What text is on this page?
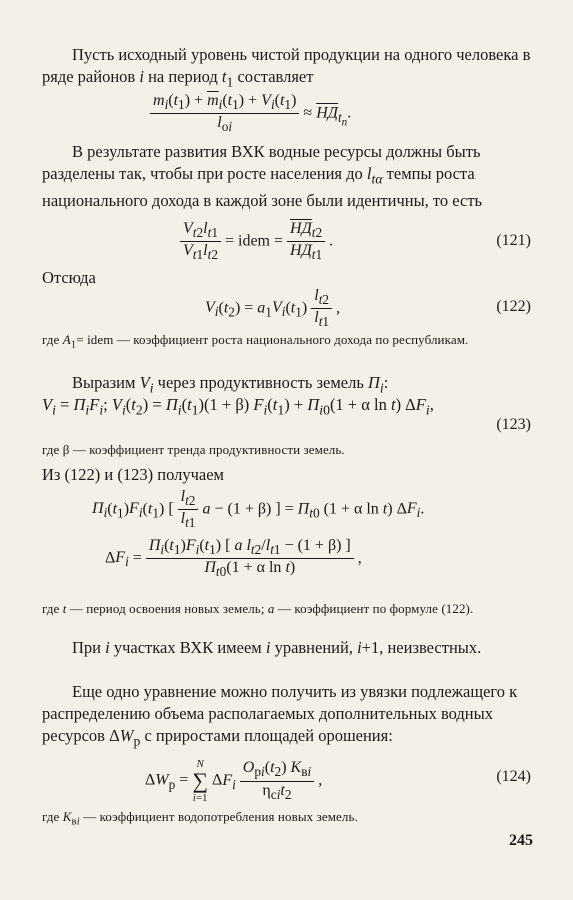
Пусть исходный уровень чистой продукции на одного человека в ряде районов i на период $t_1$ составляет
$\frac{m_i(t_1) + \overline{m}_i(t_1) + V_i(t_1)}{l_{oi}} \approx НД_{t_n}$.
В результате развития ВХК водные ресурсы должны быть разделены так, чтобы при росте населения до $l_{t\alpha}$ темпы роста национального дохода в каждой зоне были идентичны, то есть
$\frac{V_{t2}l_{t1}}{V_{t1}l_{t2}}$ = idem = $\frac{НД_{t2}}{НД_{t1}}$ .	(121)
Отсюда
$V_i(t_2) = a_1V_i(t_1) \frac{l_{t2}}{l_{t1}}$ ,	(122)
где $A_1=$ idem — коэффициент роста национального дохода по республикам.
Выразим $V_i$ через продуктивность земель $П_i$:
$V_i = П_iF_i$; $V_i(t_2) = П_i(t_1)(1 + \beta) F_i(t_1) + П_{i0}(1 + \alpha$ ln t) $\Delta F_i$,
(123)
где β — коэффициент тренда продуктивности земель.
Из (122) и (123) получаем
$П_i(t_1)F_i(t_1)$ [ $\frac{l_{t2}}{l_{t1}}$ a − (1 + β) ] = $П_{t0}$ (1 + α ln t) $\Delta F_i$.
$\Delta F_i = \frac{П_i(t_1)F_i(t_1) [ a l_{t2}/l_{t1} - (1 + \beta) ]}{П_{t0}(1 + \alpha \ln t)}$ ,
где t — период освоения новых земель; a — коэффициент по формуле (122).
При i участках ВХК имеем i уравнений, i+1, неизвестных.
Еще одно уравнение можно получить из увязки подлежащего к распределению объема располагаемых дополнительных водных ресурсов $\Delta W_р$ с приростами площадей орошения:
$\Delta W_р$ =
N
∑
i=1
$\Delta F_i \frac{O_{рi}(t_2) K_{вi}}{\eta_{сi}t_2}$ ,	(124)
где $K_{вi}$ — коэффициент водопотребления новых земель.
245
